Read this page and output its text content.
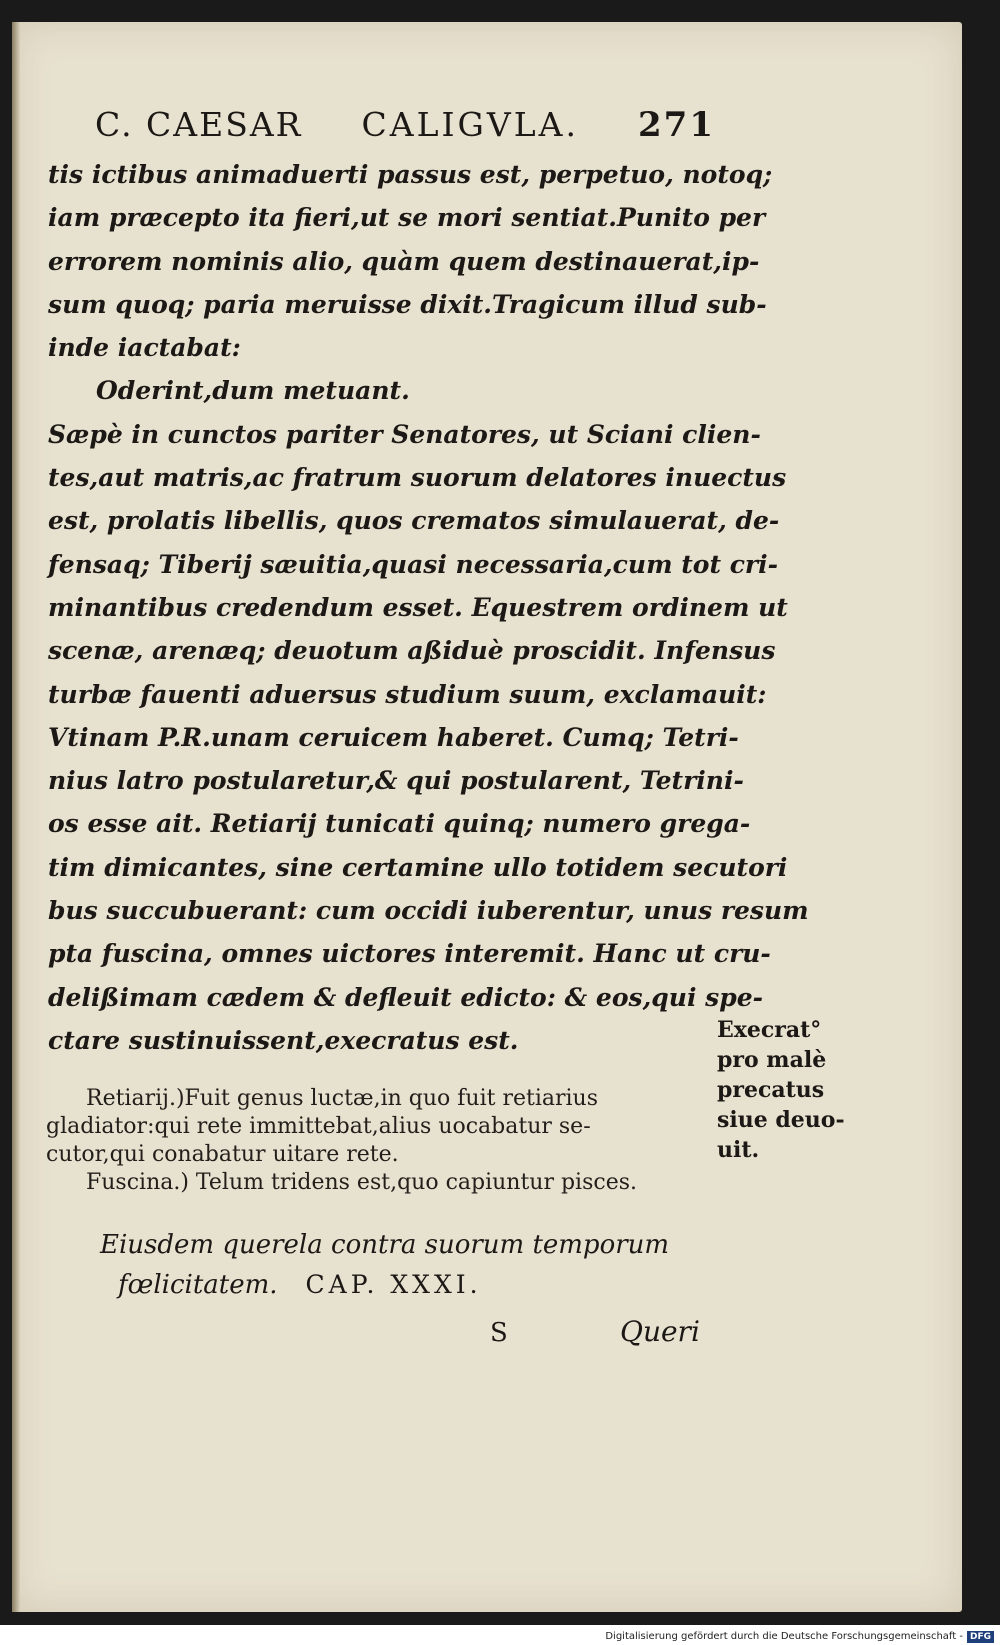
C. CAESAR CALIGVLA. 271
tis ictibus animaduerti passus est, perpetuo, notoq;
iam præcepto ita fieri,ut se mori sentiat.Punito per
errorem nominis alio, quàm quem destinauerat,ip-
sum quoq; paria meruisse dixit.Tragicum illud sub-
inde iactabat:
Oderint,dum metuant.
Sæpè in cunctos pariter Senatores, ut Sciani clien-
tes,aut matris,ac fratrum suorum delatores inuectus
est, prolatis libellis, quos crematos simulauerat, de-
fensaq; Tiberij sæuitia,quasi necessaria,cum tot cri-
minantibus credendum esset. Equestrem ordinem ut
scenæ, arenæq; deuotum aßiduè proscidit. Infensus
turbæ fauenti aduersus studium suum, exclamauit:
Vtinam P.R.unam ceruicem haberet. Cumq; Tetri-
nius latro postularetur,& qui postularent, Tetrini-
os esse ait. Retiarij tunicati quinq; numero grega-
tim dimicantes, sine certamine ullo totidem secutori
bus succubuerant: cum occidi iuberentur, unus resum
pta fuscina, omnes uictores interemit. Hanc ut cru-
delißimam cædem & defleuit edicto: & eos,qui spe-
ctare sustinuissent,execratus est.	Execrat°
pro malè
precatus
siue deuo-
uit.
Retiarij.)Fuit genus luctæ,in quo fuit retiarius
gladiator:qui rete immittebat,alius uocabatur se-
cutor,qui conabatur uitare rete.
Fuscina.) Telum tridens est,quo capiuntur pisces.
Eiusdem querela contra suorum temporum
fœlicitatem. CAP. XXXI.
S	Queri
Digitalisierung gefördert durch die Deutsche Forschungsgemeinschaft - DFG
